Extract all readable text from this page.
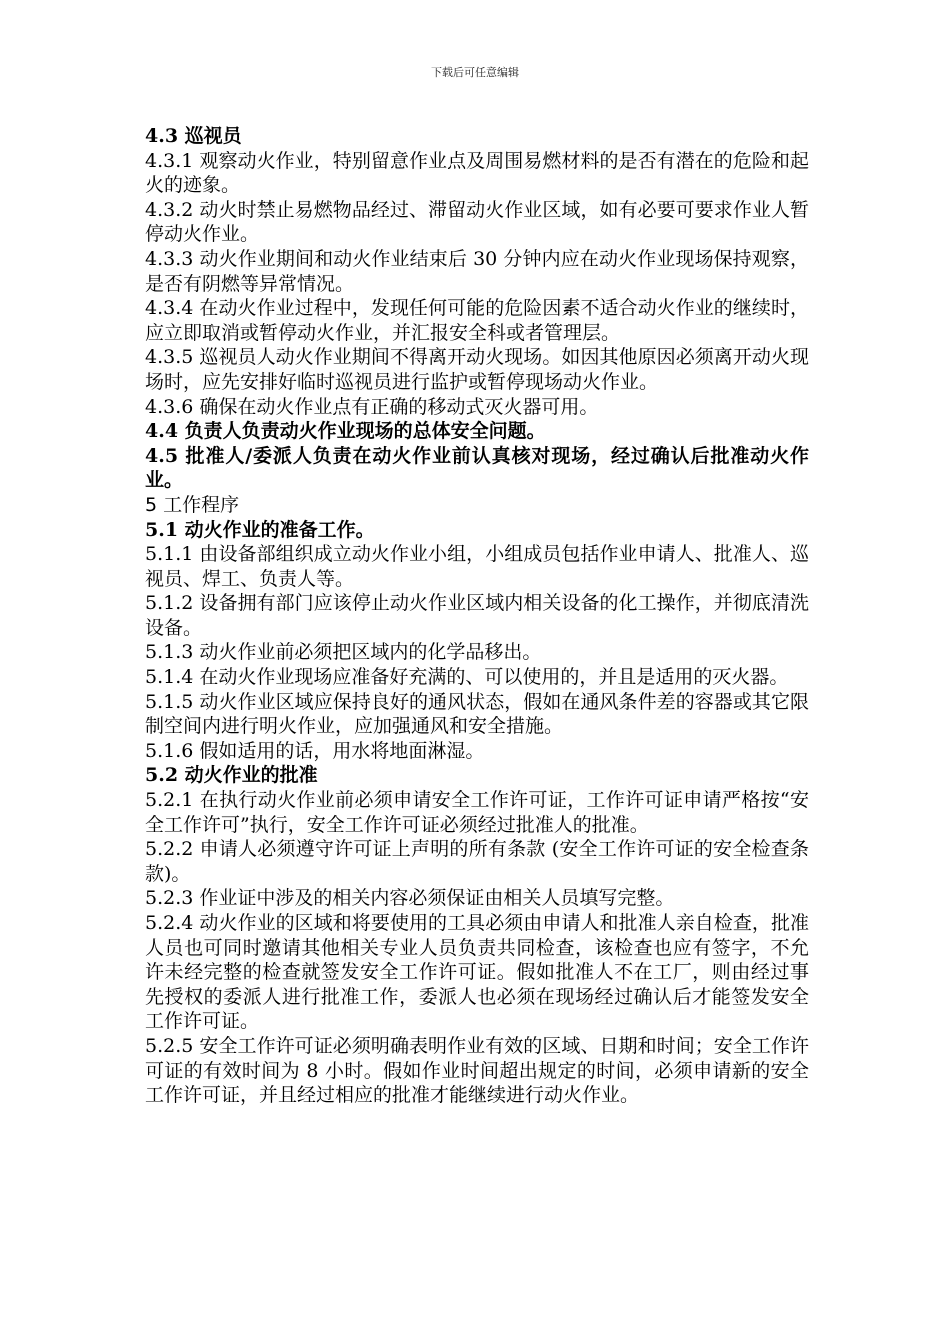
下载后可任意编辑

4.3 巡视员

4.3.1 观察动火作业，特别留意作业点及周围易燃材料的是否有潜在的危险和起火的迹象。

4.3.2 动火时禁止易燃物品经过、滞留动火作业区域，如有必要可要求作业人暂停动火作业。

4.3.3 动火作业期间和动火作业结束后 30 分钟内应在动火作业现场保持观察，是否有阴燃等异常情况。

4.3.4 在动火作业过程中，发现任何可能的危险因素不适合动火作业的继续时，应立即取消或暂停动火作业，并汇报安全科或者管理层。

4.3.5 巡视员人动火作业期间不得离开动火现场。如因其他原因必须离开动火现场时，应先安排好临时巡视员进行监护或暂停现场动火作业。

4.3.6 确保在动火作业点有正确的移动式灭火器可用。

4.4 负责人负责动火作业现场的总体安全问题。

4.5 批准人/委派人负责在动火作业前认真核对现场，经过确认后批准动火作业。

5 工作程序

5.1 动火作业的准备工作。

5.1.1 由设备部组织成立动火作业小组，小组成员包括作业申请人、批准人、巡视员、焊工、负责人等。

5.1.2 设备拥有部门应该停止动火作业区域内相关设备的化工操作，并彻底清洗设备。

5.1.3 动火作业前必须把区域内的化学品移出。

5.1.4 在动火作业现场应准备好充满的、可以使用的，并且是适用的灭火器。

5.1.5 动火作业区域应保持良好的通风状态，假如在通风条件差的容器或其它限制空间内进行明火作业，应加强通风和安全措施。

5.1.6 假如适用的话，用水将地面淋湿。

5.2 动火作业的批准

5.2.1 在执行动火作业前必须申请安全工作许可证，工作许可证申请严格按“安全工作许可”执行，安全工作许可证必须经过批准人的批准。

5.2.2 申请人必须遵守许可证上声明的所有条款 (安全工作许可证的安全检查条款)。

5.2.3 作业证中涉及的相关内容必须保证由相关人员填写完整。

5.2.4 动火作业的区域和将要使用的工具必须由申请人和批准人亲自检查，批准人员也可同时邀请其他相关专业人员负责共同检查，该检查也应有签字，不允许未经完整的检查就签发安全工作许可证。假如批准人不在工厂，则由经过事先授权的委派人进行批准工作，委派人也必须在现场经过确认后才能签发安全工作许可证。

5.2.5 安全工作许可证必须明确表明作业有效的区域、日期和时间；安全工作许可证的有效时间为 8 小时。假如作业时间超出规定的时间，必须申请新的安全工作许可证，并且经过相应的批准才能继续进行动火作业。
